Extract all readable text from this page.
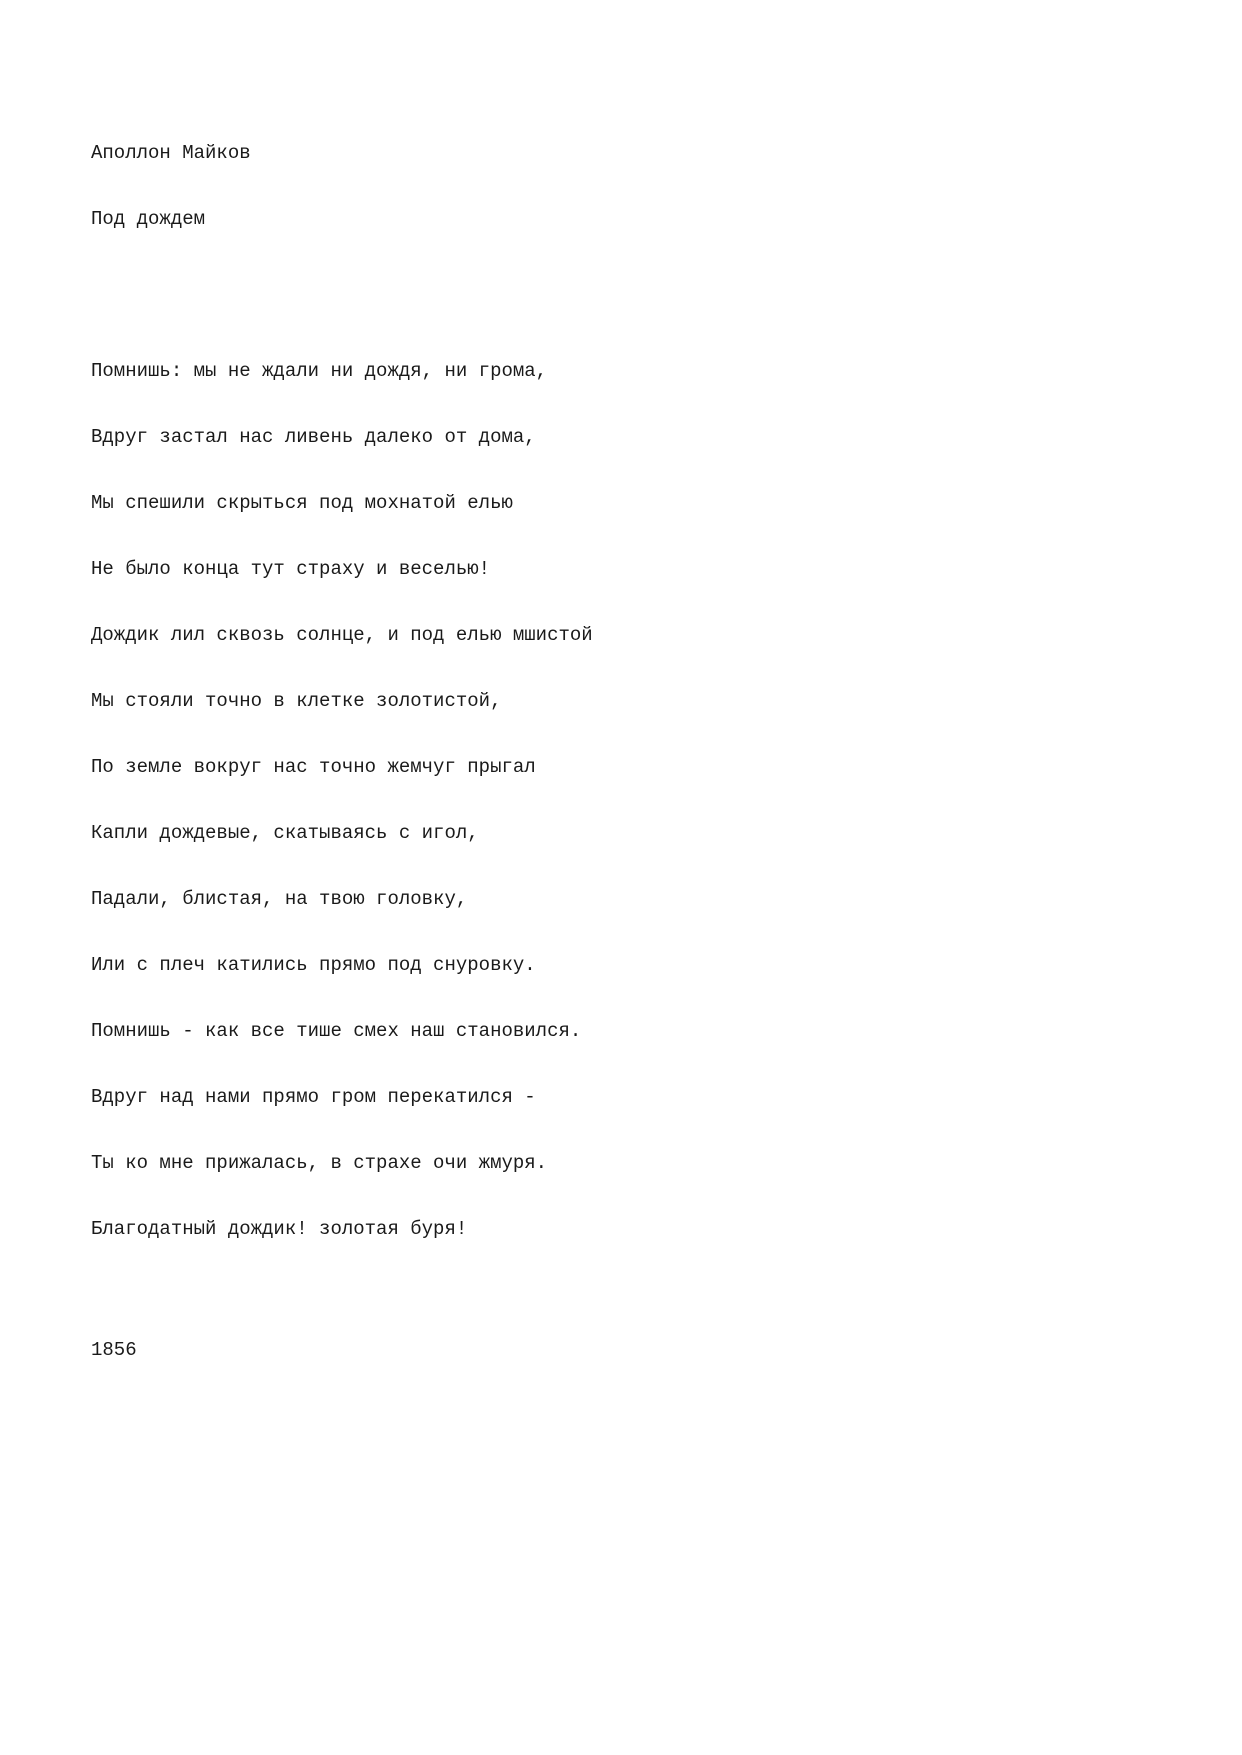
Аполлон Майков

Под дождем

Помнишь: мы не ждали ни дождя, ни грома,

Вдруг застал нас ливень далеко от дома,

Мы спешили скрыться под мохнатой елью

Не было конца тут страху и веселью!

Дождик лил сквозь солнце, и под елью мшистой

Мы стояли точно в клетке золотистой,

По земле вокруг нас точно жемчуг прыгал

Капли дождевые, скатываясь с игол,

Падали, блистая, на твою головку,

Или с плеч катились прямо под снуровку.

Помнишь - как все тише смех наш становился.

Вдруг над нами прямо гром перекатился -

Ты ко мне прижалась, в страхе очи жмуря.

Благодатный дождик! золотая буря!

1856
